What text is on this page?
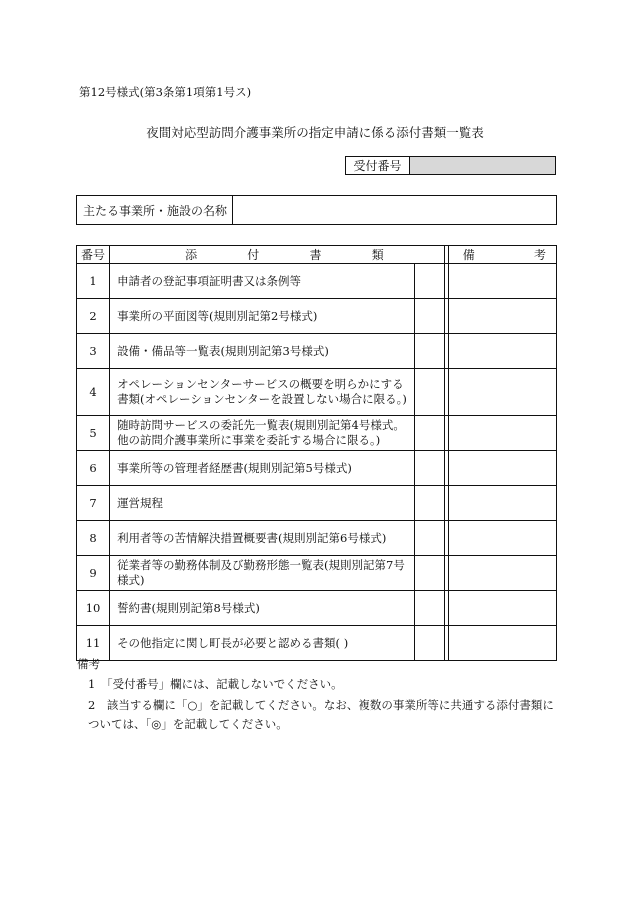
第12号様式(第3条第1項第1号ス)
夜間対応型訪問介護事業所の指定申請に係る添付書類一覧表
受付番号
主たる事業所・施設の名称
番号	添 付 書 類			備 考

1	申請者の登記事項証明書又は条例等			
2	事業所の平面図等(規則別記第2号様式)			
3	設備・備品等一覧表(規則別記第3号様式)			
4	オペレーションセンターサービスの概要を明らかにする書類(オペレーションセンターを設置しない場合に限る。)			
5	随時訪問サービスの委託先一覧表(規則別記第4号様式。他の訪問介護事業所に事業を委託する場合に限る。)			
6	事業所等の管理者経歴書(規則別記第5号様式)			
7	運営規程			
8	利用者等の苦情解決措置概要書(規則別記第6号様式)			
9	従業者等の勤務体制及び勤務形態一覧表(規則別記第7号様式)			
10	誓約書(規則別記第8号様式)			
11	その他指定に関し町長が必要と認める書類( )			
備考
1　「受付番号」欄には、記載しないでください。
2　該当する欄に「○」を記載してください。なお、複数の事業所等に共通する添付書類については、「◎」を記載してください。
